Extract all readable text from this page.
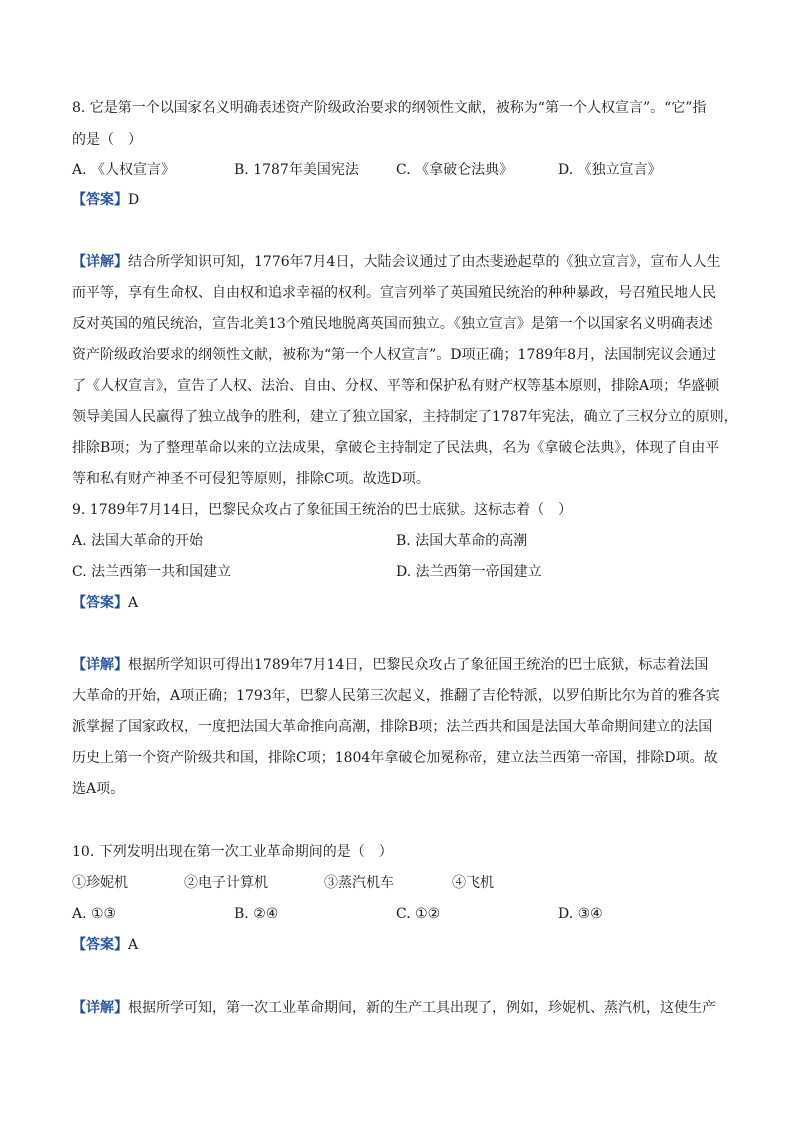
8. 它是第一个以国家名义明确表述资产阶级政治要求的纲领性文献，被称为“第一个人权宣言”。“它”指
的是（　）
A. 《人权宣言》	B. 1787年美国宪法	C. 《拿破仑法典》	D. 《独立宣言》
【答案】D
【详解】结合所学知识可知，1776年7月4日，大陆会议通过了由杰斐逊起草的《独立宣言》，宣布人人生
而平等，享有生命权、自由权和追求幸福的权利。宣言列举了英国殖民统治的种种暴政，号召殖民地人民
反对英国的殖民统治，宣告北美13个殖民地脱离英国而独立。《独立宣言》是第一个以国家名义明确表述
资产阶级政治要求的纲领性文献，被称为“第一个人权宣言”。D项正确；1789年8月，法国制宪议会通过
了《人权宣言》，宣告了人权、法治、自由、分权、平等和保护私有财产权等基本原则，排除A项；华盛顿
领导美国人民赢得了独立战争的胜利，建立了独立国家，主持制定了1787年宪法，确立了三权分立的原则，
排除B项；为了整理革命以来的立法成果，拿破仑主持制定了民法典，名为《拿破仑法典》，体现了自由平
等和私有财产神圣不可侵犯等原则，排除C项。故选D项。
9. 1789年7月14日，巴黎民众攻占了象征国王统治的巴士底狱。这标志着（　）
A. 法国大革命的开始	B. 法国大革命的高潮
C. 法兰西第一共和国建立	D. 法兰西第一帝国建立
【答案】A
【详解】根据所学知识可得出1789年7月14日，巴黎民众攻占了象征国王统治的巴士底狱，标志着法国
大革命的开始，A项正确；1793年，巴黎人民第三次起义，推翻了吉伦特派，以罗伯斯比尔为首的雅各宾
派掌握了国家政权，一度把法国大革命推向高潮，排除B项；法兰西共和国是法国大革命期间建立的法国
历史上第一个资产阶级共和国，排除C项；1804年拿破仑加冕称帝，建立法兰西第一帝国，排除D项。故
选A项。
10. 下列发明出现在第一次工业革命期间的是（　）
①珍妮机	②电子计算机	③蒸汽机车	④飞机
A. ①③	B. ②④	C. ①②	D. ③④
【答案】A
【详解】根据所学可知，第一次工业革命期间，新的生产工具出现了，例如，珍妮机、蒸汽机，这使生产
